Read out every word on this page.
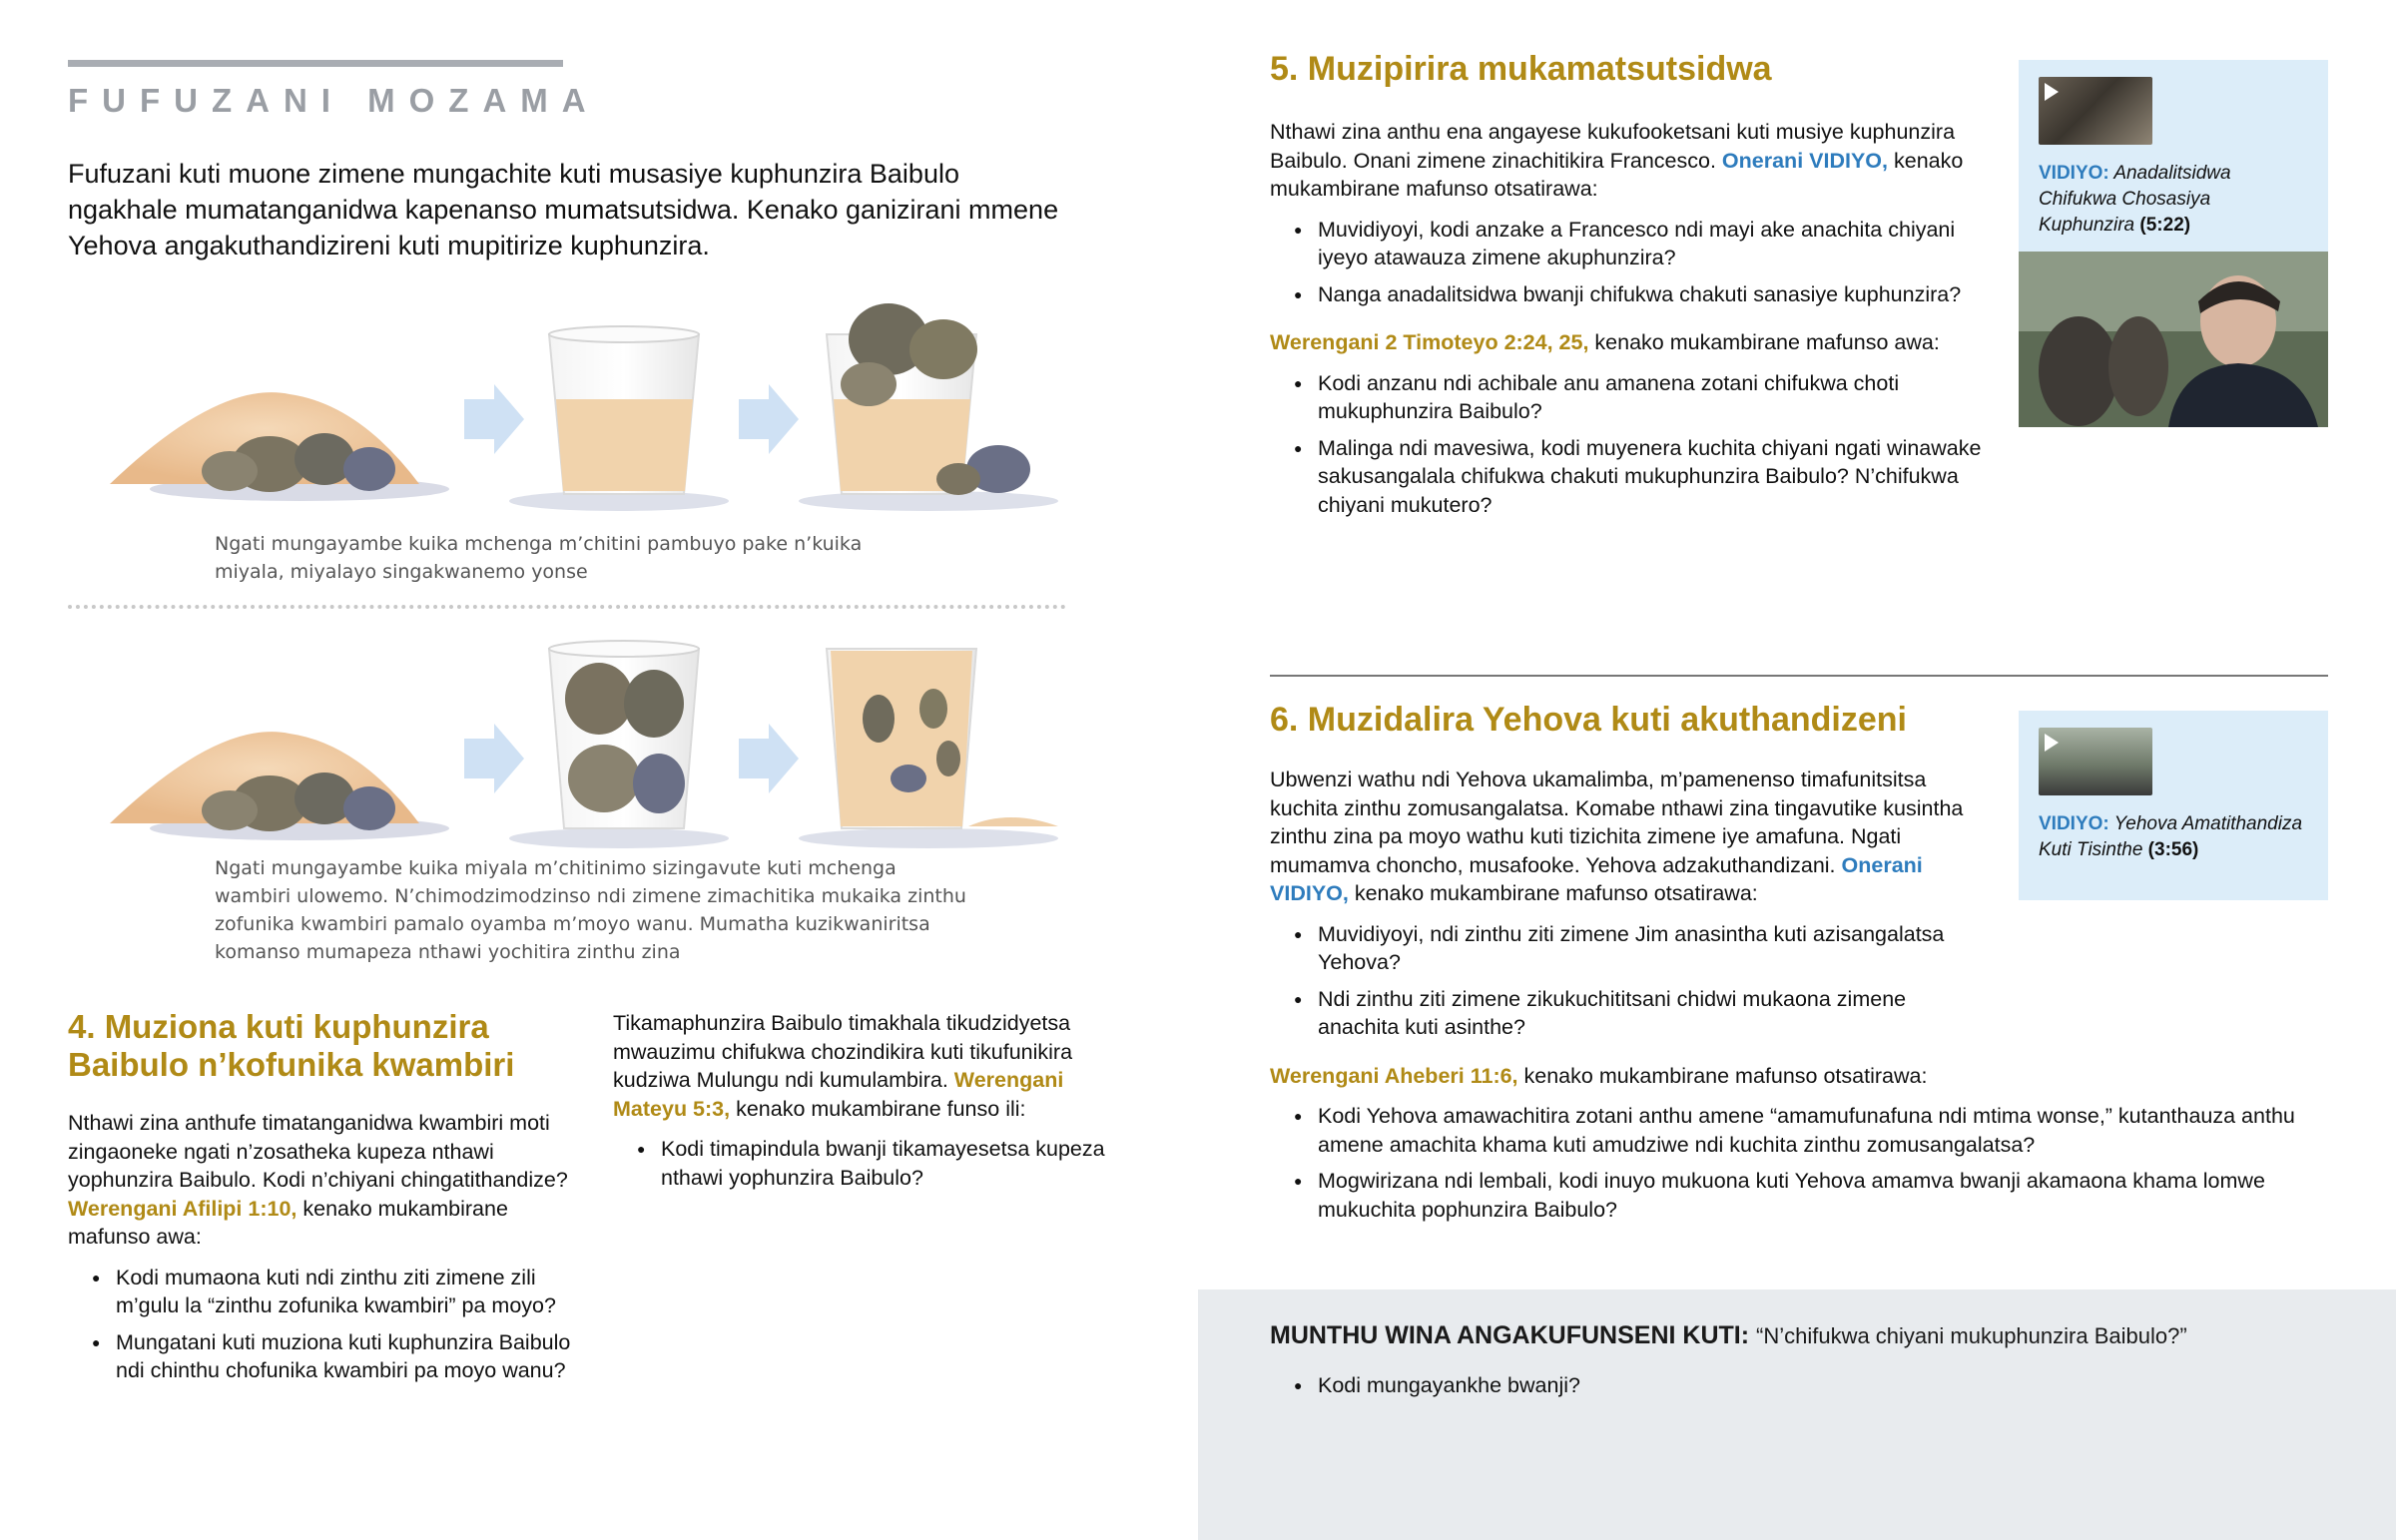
FUFUZANI MOZAMA
Fufuzani kuti muone zimene mungachite kuti musasiye kuphunzira Baibulo ngakhale mumatanganidwa kapenanso mumatsutsidwa. Kenako ganizirani mmene Yehova angakuthandizireni kuti mupitirize kuphunzira.
Ngati mungayambe kuika mchenga m’chitini pambuyo pake n’kuika miyala, miyalayo singakwanemo yonse
Ngati mungayambe kuika miyala m’chitinimo sizingavute kuti mchenga wambiri ulowemo. N’chimodzimodzinso ndi zimene zimachitika mukaika zinthu zofunika kwambiri pamalo oyamba m’moyo wanu. Mumatha kuzikwaniritsa komanso mumapeza nthawi yochitira zinthu zina
4. Muziona kuti kuphunzira Baibulo n’kofunika kwambiri

Nthawi zina anthufe timatanganidwa kwambiri moti zingaoneke ngati n’zosatheka kupeza nthawi yophunzira Baibulo. Kodi n’chiyani chingatithandize? Werengani Afilipi 1:10, kenako mukambirane mafunso awa:

● Kodi mumaona kuti ndi zinthu ziti zimene zili m’gulu la “zinthu zofunika kwambiri” pa moyo?
● Mungatani kuti muziona kuti kuphunzira Baibulo ndi chinthu chofunika kwambiri pa moyo wanu?

Tikamaphunzira Baibulo timakhala tikudzidyetsa mwauzimu chifukwa chozindikira kuti tikufunikira kudziwa Mulungu ndi kumulambira. Werengani Mateyu 5:3, kenako mukambirane funso ili:

● Kodi timapindula bwanji tikamayesetsa kupeza nthawi yophunzira Baibulo?
5. Muzipirira mukamatsutsidwa

Nthawi zina anthu ena angayese kukufooketsani kuti musiye kuphunzira Baibulo. Onani zimene zinachitikira Francesco. Onerani VIDIYO, kenako mukambirane mafunso otsatirawa:

● Muvidiyoyi, kodi anzake a Francesco ndi mayi ake anachita chiyani iyeyo atawauza zimene akuphunzira?
● Nanga anadalitsidwa bwanji chifukwa chakuti sanasiye kuphunzira?

Werengani 2 Timoteyo 2:24, 25, kenako mukambirane mafunso awa:

● Kodi anzanu ndi achibale anu amanena zotani chifukwa choti mukuphunzira Baibulo?
● Malinga ndi mavesiwa, kodi muyenera kuchita chiyani ngati winawake sakusangalala chifukwa chakuti mukuphunzira Baibulo? N’chifukwa chiyani mukutero?
VIDIYO: Anadalitsidwa Chifukwa Chosasiya Kuphunzira (5:22)
6. Muzidalira Yehova kuti akuthandizeni

Ubwenzi wathu ndi Yehova ukamalimba, m’pamenenso timafunitsitsa kuchita zinthu zomusangalatsa. Komabe nthawi zina tingavutike kusintha zinthu zina pa moyo wathu kuti tizichita zimene iye amafuna. Ngati mumamva choncho, musafooke. Yehova adzakuthandizani. Onerani VIDIYO, kenako mukambirane mafunso otsatirawa:

● Muvidiyoyi, ndi zinthu ziti zimene Jim anasintha kuti azisangalatsa Yehova?
● Ndi zinthu ziti zimene zikukuchititsani chidwi mukaona zimene anachita kuti asinthe?

Werengani Aheberi 11:6, kenako mukambirane mafunso otsatirawa:

● Kodi Yehova amawachitira zotani anthu amene “amamufunafuna ndi mtima wonse,” kutanthauza anthu amene amachita khama kuti amudziwe ndi kuchita zinthu zomusangalatsa?
● Mogwirizana ndi lembali, kodi inuyo mukuona kuti Yehova amamva bwanji akamaona khama lomwe mukuchita pophunzira Baibulo?
VIDIYO: Yehova Amatithandiza Kuti Tisinthe (3:56)
MUNTHU WINA ANGAKUFUNSENI KUTI: “N’chifukwa chiyani mukuphunzira Baibulo?”
● Kodi mungayankhe bwanji?
